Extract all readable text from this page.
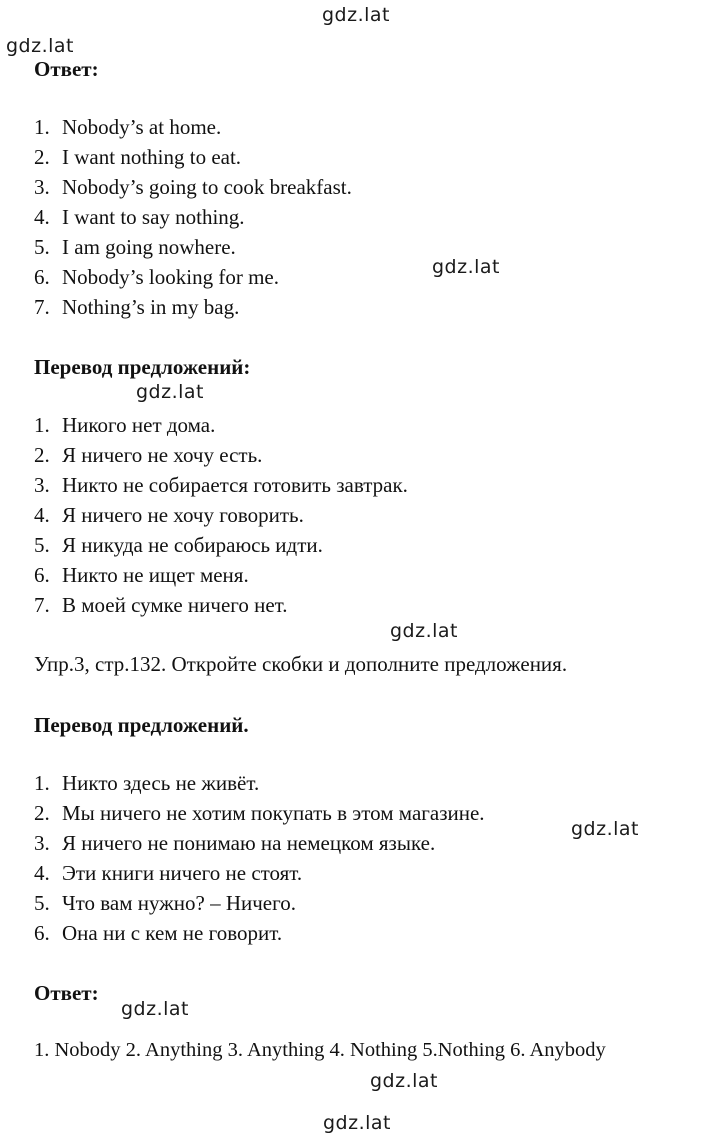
gdz.lat
gdz.lat
gdz.lat
gdz.lat
gdz.lat
gdz.lat
gdz.lat
gdz.lat
gdz.lat
Ответ:
1. Nobody’s at home.
2. I want nothing to eat.
3. Nobody’s going to cook breakfast.
4. I want to say nothing.
5. I am going nowhere.
6. Nobody’s looking for me.
7. Nothing’s in my bag.
Перевод предложений:
1. Никого нет дома.
2. Я ничего не хочу есть.
3. Никто не собирается готовить завтрак.
4. Я ничего не хочу говорить.
5. Я никуда не собираюсь идти.
6. Никто не ищет меня.
7. В моей сумке ничего нет.
Упр.3, стр.132. Откройте скобки и дополните предложения.
Перевод предложений.
1. Никто здесь не живёт.
2. Мы ничего не хотим покупать в этом магазине.
3. Я ничего не понимаю на немецком языке.
4. Эти книги ничего не стоят.
5. Что вам нужно? – Ничего.
6. Она ни с кем не говорит.
Ответ:
1. Nobody 2. Anything 3. Anything 4. Nothing 5.Nothing 6. Anybody
